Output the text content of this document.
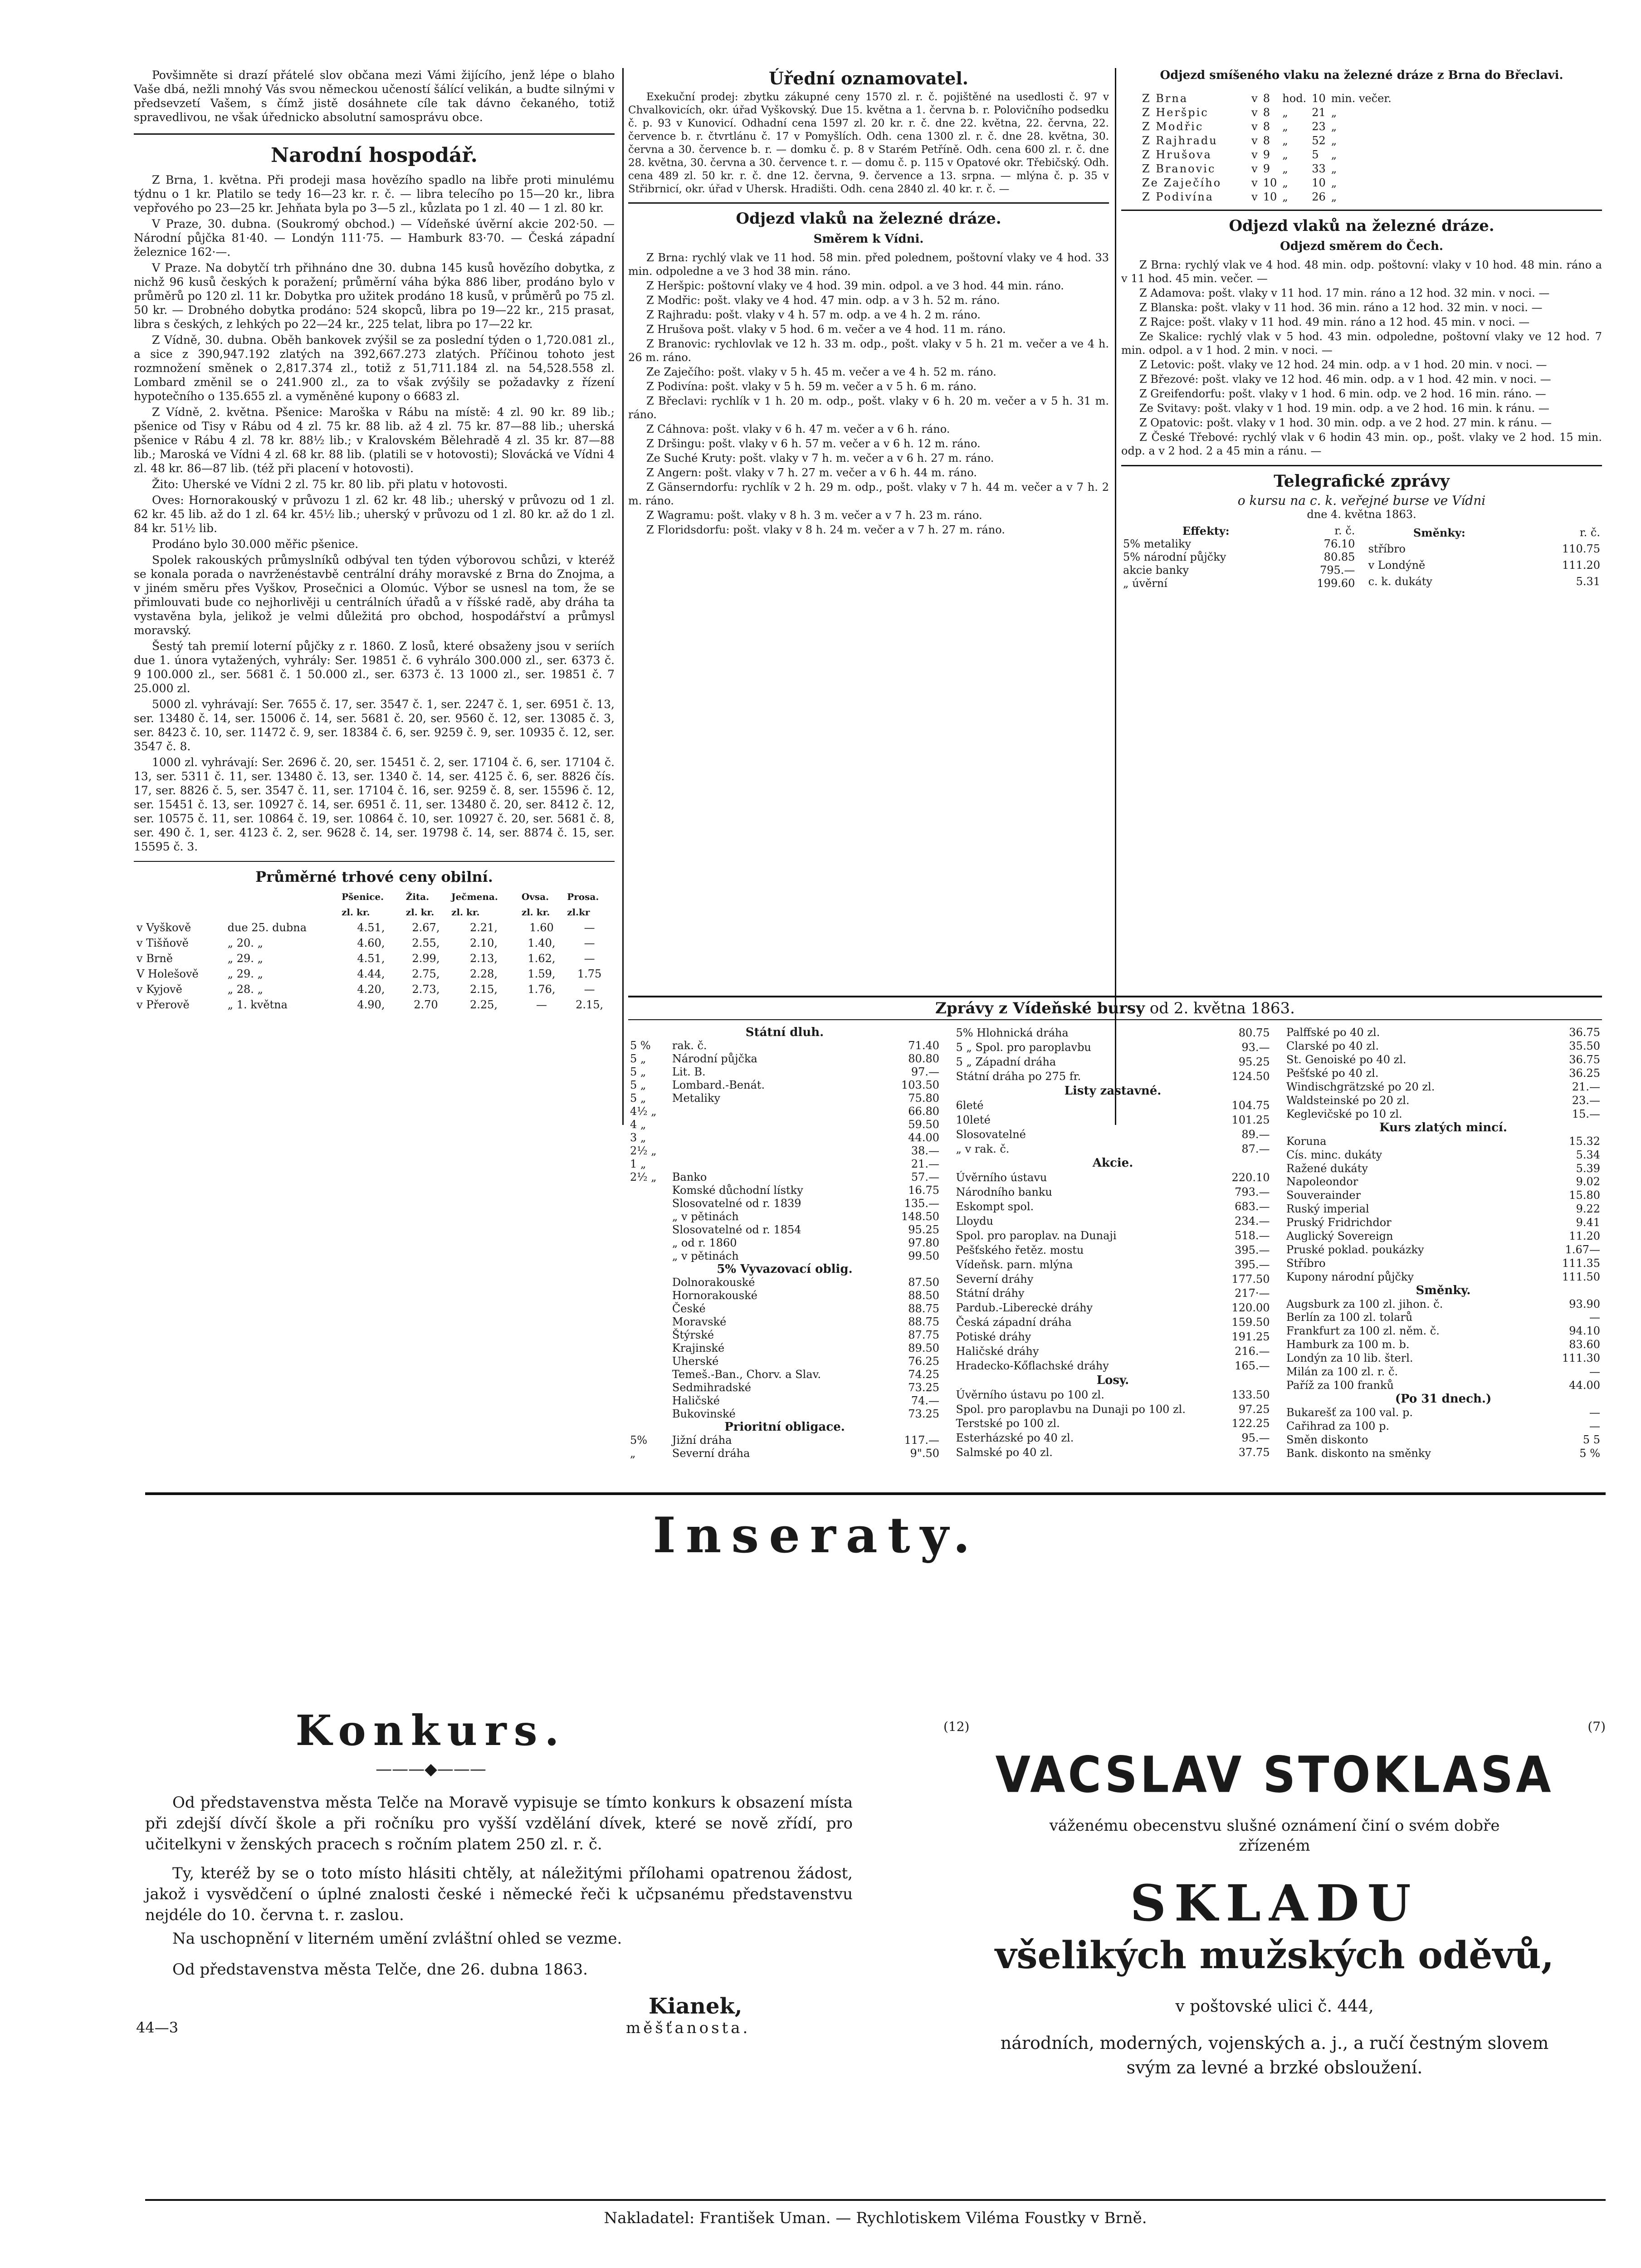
Povšimněte si drazí přátelé slov občana mezi Vámi žijícího, jenž lépe o blaho Vaše dbá, nežli mnohý Vás svou německou učeností šálící velikán, a budte silnými v předsevzetí Vašem, s čímž jistě dosáhnete cíle tak dávno čekaného, totiž spravedlivou, ne však úřednicko absolutní samosprávu obce.

Narodní hospodář.

Z Brna, 1. května. Při prodeji masa hovězího spadlo na libře proti minulému týdnu o 1 kr. Platilo se tedy 16—23 kr. r. č. — libra telecího po 15—20 kr., libra vepřového po 23—25 kr. Jehňata byla po 3—5 zl., kůzlata po 1 zl. 40 — 1 zl. 80 kr.

V Praze, 30. dubna. (Soukromý obchod.) — Vídeňské úvěrní akcie 202·50. — Národní půjčka 81·40. — Londýn 111·75. — Hamburk 83·70. — Česká západní železnice 162·—.

V Praze. Na dobytčí trh přihnáno dne 30. dubna 145 kusů hovězího dobytka, z nichž 96 kusů českých k poražení; průměrní váha býka 886 liber, prodáno bylo v průměrů po 120 zl. 11 kr. Dobytka pro užitek prodáno 18 kusů, v průměrů po 75 zl. 50 kr. — Drobného dobytka prodáno: 524 skopců, libra po 19—22 kr., 215 prasat, libra s českých, z lehkých po 22—24 kr., 225 telat, libra po 17—22 kr.

Z Vídně, 30. dubna. Oběh bankovek zvýšil se za poslední týden o 1,720.081 zl., a sice z 390,947.192 zlatých na 392,667.273 zlatých. Příčinou tohoto jest rozmnožení směnek o 2,817.374 zl., totiž z 51,711.184 zl. na 54,528.558 zl. Lombard změnil se o 241.900 zl., za to však zvýšily se požadavky z řízení hypotečního o 135.655 zl. a vyměněné kupony o 6683 zl.

Z Vídně, 2. května. Pšenice: Maroška v Rábu na místě: 4 zl. 90 kr. 89 lib.; pšenice od Tisy v Rábu od 4 zl. 75 kr. 88 lib. až 4 zl. 75 kr. 87—88 lib.; uherská pšenice v Rábu 4 zl. 78 kr. 88½ lib.; v Kralovském Bělehradě 4 zl. 35 kr. 87—88 lib.; Maroská ve Vídni 4 zl. 68 kr. 88 lib. (platili se v hotovosti); Slovácká ve Vídni 4 zl. 48 kr. 86—87 lib. (též při placení v hotovosti).

Žito: Uherské ve Vídni 2 zl. 75 kr. 80 lib. při platu v hotovosti.

Oves: Hornorakouský v průvozu 1 zl. 62 kr. 48 lib.; uherský v průvozu od 1 zl. 62 kr. 45 lib. až do 1 zl. 64 kr. 45½ lib.; uherský v průvozu od 1 zl. 80 kr. až do 1 zl. 84 kr. 51½ lib.

Prodáno bylo 30.000 měřic pšenice.

Spolek rakouských průmyslníků odbýval ten týden výborovou schůzi, v kteréž se konala porada o navrženéstavbě centrální dráhy moravské z Brna do Znojma, a v jiném směru přes Vyškov, Prosečnici a Olomúc. Výbor se usnesl na tom, že se přimlouvati bude co nejhorlivěji u centrálních úřadů a v říšské radě, aby dráha ta vystavěna byla, jelikož je velmi důležitá pro obchod, hospodářství a průmysl moravský.

Šestý tah premií loterní půjčky z r. 1860. Z losů, které obsaženy jsou v seriích due 1. února vytažených, vyhrály: Ser. 19851 č. 6 vyhrálo 300.000 zl., ser. 6373 č. 9 100.000 zl., ser. 5681 č. 1 50.000 zl., ser. 6373 č. 13 1000 zl., ser. 19851 č. 7 25.000 zl.

5000 zl. vyhrávají: Ser. 7655 č. 17, ser. 3547 č. 1, ser. 2247 č. 1, ser. 6951 č. 13, ser. 13480 č. 14, ser. 15006 č. 14, ser. 5681 č. 20, ser. 9560 č. 12, ser. 13085 č. 3, ser. 8423 č. 10, ser. 11472 č. 9, ser. 18384 č. 6, ser. 9259 č. 9, ser. 10935 č. 12, ser. 3547 č. 8.

1000 zl. vyhrávají: Ser. 2696 č. 20, ser. 15451 č. 2, ser. 17104 č. 6, ser. 17104 č. 13, ser. 5311 č. 11, ser. 13480 č. 13, ser. 1340 č. 14, ser. 4125 č. 6, ser. 8826 čís. 17, ser. 8826 č. 5, ser. 3547 č. 11, ser. 17104 č. 16, ser. 9259 č. 8, ser. 15596 č. 12, ser. 15451 č. 13, ser. 10927 č. 14, ser. 6951 č. 11, ser. 13480 č. 20, ser. 8412 č. 12, ser. 10575 č. 11, ser. 10864 č. 19, ser. 10864 č. 10, ser. 10927 č. 20, ser. 5681 č. 8, ser. 490 č. 1, ser. 4123 č. 2, ser. 9628 č. 14, ser. 19798 č. 14, ser. 8874 č. 15, ser. 15595 č. 3.

Průměrné trhové ceny obilní.
		Pšenice.	Žita.	Ječmena.	Ovsa.	Prosa.
		zl. kr.	zl. kr.	zl. kr.	zl. kr.	zl.kr
v Vyškově	due 25. dubna	4.51,	2.67,	2.21,	1.60	—
v Tišňově	„ 20. „	4.60,	2.55,	2.10,	1.40,	—
v Brně	„ 29. „	4.51,	2.99,	2.13,	1.62,	—
V Holešově	„ 29. „	4.44,	2.75,	2.28,	1.59,	1.75
v Kyjově	„ 28. „	4.20,	2.73,	2.15,	1.76,	—
v Přerově	„ 1. května	4.90,	2.70	2.25,	—	2.15,
Úřední oznamovatel.

Exekuční prodej: zbytku zákupné ceny 1570 zl. r. č. pojištěné na usedlosti č. 97 v Chvalkovicích, okr. úřad Vyškovský. Due 15. května a 1. června b. r. Polovičního podsedku č. p. 93 v Kunovicí. Odhadní cena 1597 zl. 20 kr. r. č. dne 22. května, 22. června, 22. července b. r. čtvrtlánu č. 17 v Pomyšlích. Odh. cena 1300 zl. r. č. dne 28. května, 30. června a 30. července b. r. — domku č. p. 8 v Starém Petříně. Odh. cena 600 zl. r. č. dne 28. května, 30. června a 30. července t. r. — domu č. p. 115 v Opatové okr. Třebičský. Odh. cena 489 zl. 50 kr. r. č. dne 12. června, 9. července a 13. srpna. — mlýna č. p. 35 v Střibrnicí, okr. úřad v Uhersk. Hradišti. Odh. cena 2840 zl. 40 kr. r. č. —

Odjezd vlaků na železné dráze.
Směrem k Vídni.

Z Brna: rychlý vlak ve 11 hod. 58 min. před polednem, poštovní vlaky ve 4 hod. 33 min. odpoledne a ve 3 hod 38 min. ráno.

Z Heršpic: poštovní vlaky ve 4 hod. 39 min. odpol. a ve 3 hod. 44 min. ráno.

Z Modřic: pošt. vlaky ve 4 hod. 47 min. odp. a v 3 h. 52 m. ráno.

Z Rajhradu: pošt. vlaky v 4 h. 57 m. odp. a ve 4 h. 2 m. ráno.

Z Hrušova pošt. vlaky v 5 hod. 6 m. večer a ve 4 hod. 11 m. ráno.

Z Branovic: rychlovlak ve 12 h. 33 m. odp., pošt. vlaky v 5 h. 21 m. večer a ve 4 h. 26 m. ráno.

Ze Zaječího: pošt. vlaky v 5 h. 45 m. večer a ve 4 h. 52 m. ráno.

Z Podivína: pošt. vlaky v 5 h. 59 m. večer a v 5 h. 6 m. ráno.

Z Břeclavi: rychlík v 1 h. 20 m. odp., pošt. vlaky v 6 h. 20 m. večer a v 5 h. 31 m. ráno.

Z Cáhnova: pošt. vlaky v 6 h. 47 m. večer a v 6 h. ráno.

Z Dršingu: pošt. vlaky v 6 h. 57 m. večer a v 6 h. 12 m. ráno.

Ze Suché Kruty: pošt. vlaky v 7 h. m. večer a v 6 h. 27 m. ráno.

Z Angern: pošt. vlaky v 7 h. 27 m. večer a v 6 h. 44 m. ráno.

Z Gänserndorfu: rychlík v 2 h. 29 m. odp., pošt. vlaky v 7 h. 44 m. večer a v 7 h. 2 m. ráno.

Z Wagramu: pošt. vlaky v 8 h. 3 m. večer a v 7 h. 23 m. ráno.

Z Floridsdorfu: pošt. vlaky v 8 h. 24 m. večer a v 7 h. 27 m. ráno.

Odjezd smíšeného vlaku na železné dráze z Brna do Břeclavi.
Z Brna	v	8	hod.	10	min. večer.
Z Heršpic	v	8	„	21	„
Z Modřic	v	8	„	23	„
Z Rajhradu	v	8	„	52	„
Z Hrušova	v	9	„	5	„
Z Branovic	v	9	„	33	„
Ze Zaječího	v	10	„	10	„
Z Podivína	v	10	„	26	„
Odjezd vlaků na železné dráze.
Odjezd směrem do Čech.

Z Brna: rychlý vlak ve 4 hod. 48 min. odp. poštovní: vlaky v 10 hod. 48 min. ráno a v 11 hod. 45 min. večer. —

Z Adamova: pošt. vlaky v 11 hod. 17 min. ráno a 12 hod. 32 min. v noci. —

Z Blanska: pošt. vlaky v 11 hod. 36 min. ráno a 12 hod. 32 min. v noci. —

Z Rajce: pošt. vlaky v 11 hod. 49 min. ráno a 12 hod. 45 min. v noci. —

Ze Skalice: rychlý vlak v 5 hod. 43 min. odpoledne, poštovní vlaky ve 12 hod. 7 min. odpol. a v 1 hod. 2 min. v noci. —

Z Letovic: pošt. vlaky ve 12 hod. 24 min. odp. a v 1 hod. 20 min. v noci. —

Z Březové: pošt. vlaky ve 12 hod. 46 min. odp. a v 1 hod. 42 min. v noci. —

Z Greifendorfu: pošt. vlaky v 1 hod. 6 min. odp. ve 2 hod. 16 min. ráno. —

Ze Svitavy: pošt. vlaky v 1 hod. 19 min. odp. a ve 2 hod. 16 min. k ránu. —

Z Opatovic: pošt. vlaky v 1 hod. 30 min. odp. a ve 2 hod. 27 min. k ránu. —

Z České Třebové: rychlý vlak v 6 hodin 43 min. op., pošt. vlaky ve 2 hod. 15 min. odp. a v 2 hod. 2 a 45 min a ránu. —

Telegrafické zprávy
o kursu na c. k. veřejné burse ve Vídni
dne 4. května 1863.
Effekty:	r. č.
5% metaliky	76.10
5% národní půjčky	80.85
akcie banky	795.—
„ úvěrní	199.60
Směnky:	r. č.
stříbro	110.75
v Londýně	111.20
c. k. dukáty	5.31
Zprávy z Vídeňské bursy od 2. května 1863.
Státní dluh.		
5 %	rak. č.	71.40
5 „	Národní půjčka	80.80
5 „	Lit. B.	97.—
5 „	Lombard.-Benát.	103.50
5 „	Metaliky	75.80
4½ „		66.80
4 „		59.50
3 „		44.00
2½ „		38.—
1 „		21.—
2½ „	Banko	57.—
	Komské důchodní lístky	16.75
	Slosovatelné od r. 1839	135.—
	„ v pětinách	148.50
	Slosovatelné od r. 1854	95.25
	„ od r. 1860	97.80
	„ v pětinách	99.50
5% Vyvazovací oblig.		
	Dolnorakouské	87.50
	Hornorakouské	88.50
	České	88.75
	Moravské	88.75
	Štýrské	87.75
	Krajinské	89.50
	Uherské	76.25
	Temeš.-Ban., Chorv. a Slav.	74.25
	Sedmihradské	73.25
	Haličské	74.—
	Bukovinské	73.25
Prioritní obligace.		
5%	Jižní dráha	117.—
„	Severní dráha	9".50
5% Hlohnická dráha	80.75
5 „ Spol. pro paroplavbu	93.—
5 „ Západní dráha	95.25
Státní dráha po 275 fr.	124.50
Listy zastavné.	
6leté	104.75
10leté	101.25
Slosovatelné	89.—
„ v rak. č.	87.—
Akcie.	
Úvěrního ústavu	220.10
Národního banku	793.—
Eskompt spol.	683.—
Lloydu	234.—
Spol. pro paroplav. na Dunaji	518.—
Pešťského řetěz. mostu	395.—
Vídeňsk. parn. mlýna	395.—
Severní dráhy	177.50
Státní dráhy	217·—
Pardub.-Libereckė dráhy	120.00
Česká západní dráha	159.50
Potiské dráhy	191.25
Haličské dráhy	216.—
Hradecko-Kőflachské dráhy	165.—
Losy.	
Úvěrního ústavu po 100 zl.	133.50
Spol. pro paroplavbu na Dunaji po 100 zl.	97.25
Terstské po 100 zl.	122.25
Esterházské po 40 zl.	95.—
Salmské po 40 zl.	37.75
Palffské po 40 zl.	36.75
Clarské po 40 zl.	35.50
St. Genoiské po 40 zl.	36.75
Pešťské po 40 zl.	36.25
Windischgrätzské po 20 zl.	21.—
Waldsteinské po 20 zl.	23.—
Keglevičské po 10 zl.	15.—
Kurs zlatých mincí.	
Koruna	15.32
Cís. minc. dukáty	5.34
Ražené dukáty	5.39
Napoleondor	9.02
Souverainder	15.80
Ruský imperial	9.22
Pruský Fridrichdor	9.41
Auglický Sovereign	11.20
Pruské poklad. poukázky	1.67—
Stříbro	111.35
Kupony národní půjčky	111.50
Směnky.	
Augsburk za 100 zl. jihon. č.	93.90
Berlín za 100 zl. tolarů	—
Frankfurt za 100 zl. něm. č.	94.10
Hamburk za 100 m. b.	83.60
Londýn za 10 lib. šterl.	111.30
Milán za 100 zl. r. č.	—
Paříž za 100 franků	44.00
(Po 31 dnech.)	
Bukarešť za 100 val. p.	—
Cařihrad za 100 p.	—
Směn diskonto	5 5
Bank. diskonto na směnky	5 %
Inseraty.
Konkurs.
———◆———

Od představenstva města Telče na Moravě vypisuje se tímto konkurs k obsazení místa při zdejší dívčí škole a při ročníku pro vyšší vzdělání dívek, které se nově zřídí, pro učitelkyni v ženských pracech s ročním platem 250 zl. r. č.

Ty, kteréž by se o toto místo hlásiti chtěly, at náležitými přílohami opatrenou žádost, jakož i vysvědčení o úplné znalosti české i německé řeči k učpsanému představenstvu nejdéle do 10. června t. r. zaslou.

Na uschopnění v literném umění zvláštní ohled se vezme.

Od představenstva města Telče, dne 26. dubna 1863.

Kianek,
měšťanosta.
44—3
(12)	(7)
VACSLAV STOKLASA
váženému obecenstvu slušné oznámení činí o svém dobře
zřízeném
SKLADU
všelikých mužských oděvů,
v poštovské ulici č. 444,
národních, moderných, vojenských a. j., a ručí čestným slovem svým za levné a brzké obsloužení.
Nakladatel: František Uman. — Rychlotiskem Viléma Foustky v Brně.
